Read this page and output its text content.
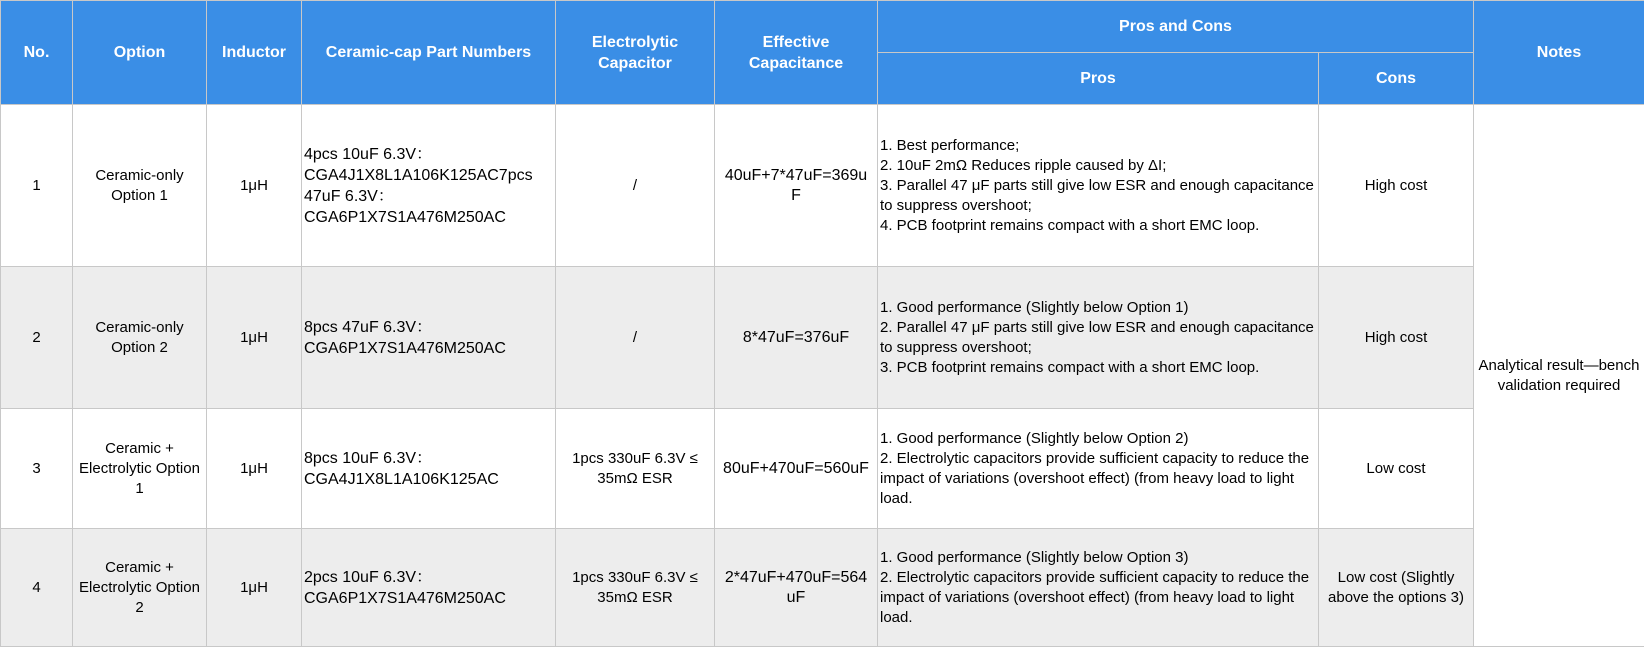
No.	Option	Inductor	Ceramic-cap Part Numbers	Electrolytic Capacitor	Effective Capacitance	Pros and Cons		Notes
						Pros	Cons	
1	Ceramic-only Option 1	1μH	4pcs 10uF 6.3V：CGA4J1X8L1A106K125AC7pcs 47uF 6.3V：CGA6P1X7S1A476M250AC	/	40uF+7*47uF=369uF	1. Best performance;
2. 10uF 2mΩ Reduces ripple caused by ΔI;
3. Parallel 47 μF parts still give low ESR and enough capacitance to suppress overshoot;
4. PCB footprint remains compact with a short EMC loop.	High cost	Analytical result—bench validation required
2	Ceramic-only Option 2	1μH	8pcs 47uF 6.3V：CGA6P1X7S1A476M250AC	/	8*47uF=376uF	1. Good performance (Slightly below Option 1)
2. Parallel 47 μF parts still give low ESR and enough capacitance to suppress overshoot;
3. PCB footprint remains compact with a short EMC loop.	High cost	
3	Ceramic + Electrolytic Option 1	1μH	8pcs 10uF 6.3V：CGA4J1X8L1A106K125AC	1pcs 330uF 6.3V ≤ 35mΩ ESR	80uF+470uF=560uF	1. Good performance (Slightly below Option 2)
2. Electrolytic capacitors provide sufficient capacity to reduce the impact of variations (overshoot effect) (from heavy load to light load.	Low cost	
4	Ceramic + Electrolytic Option 2	1μH	2pcs 10uF 6.3V：CGA6P1X7S1A476M250AC	1pcs 330uF 6.3V ≤ 35mΩ ESR	2*47uF+470uF=564uF	1. Good performance (Slightly below Option 3)
2. Electrolytic capacitors provide sufficient capacity to reduce the impact of variations (overshoot effect) (from heavy load to light load.	Low cost (Slightly above the options 3)	
